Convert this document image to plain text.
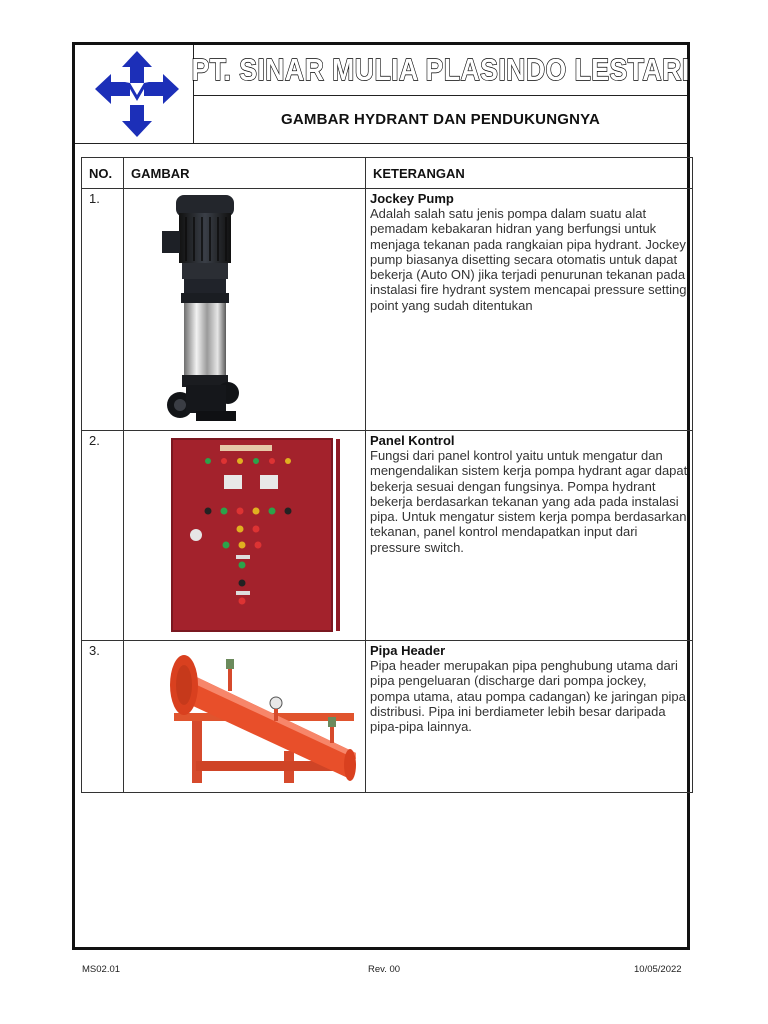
PT. SINAR MULIA PLASINDO LESTARI
GAMBAR HYDRANT DAN PENDUKUNGNYA
NO.	GAMBAR	KETERANGAN
1.		Jockey Pump
Adalah salah satu jenis pompa dalam suatu alat pemadam kebakaran hidran yang berfungsi untuk menjaga tekanan pada rangkaian pipa hydrant. Jockey pump biasanya disetting secara otomatis untuk dapat bekerja (Auto ON) jika terjadi penurunan tekanan pada instalasi fire hydrant system mencapai pressure setting point yang sudah ditentukan

2.		Panel Kontrol
Fungsi dari panel kontrol yaitu untuk mengatur dan mengendalikan sistem kerja pompa hydrant agar dapat bekerja sesuai dengan fungsinya. Pompa hydrant bekerja berdasarkan tekanan yang ada pada instalasi pipa. Untuk mengatur sistem kerja pompa berdasarkan tekanan, panel kontrol mendapatkan input dari pressure switch.

3.		Pipa Header
Pipa header merupakan pipa penghubung utama dari pipa pengeluaran (discharge dari pompa jockey, pompa utama, atau pompa cadangan) ke jaringan pipa distribusi. Pipa ini berdiameter lebih besar daripada pipa-pipa lainnya.
MS02.01	Rev. 00	10/05/2022
